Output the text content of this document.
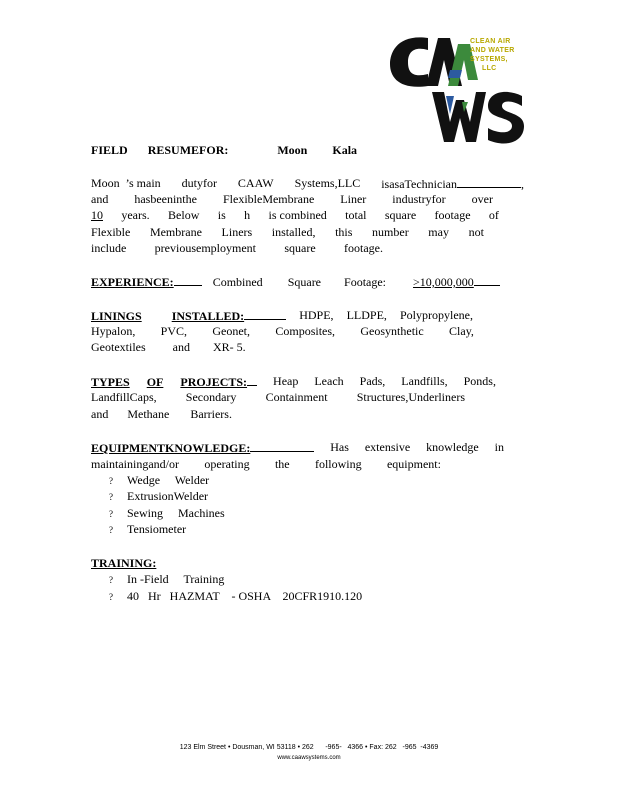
CLEAN AIR
AND WATER
SYSTEMS,
LLC
FIELD RESUMEFOR:	Moon Kala
Moon ’s main dutyfor CAAW Systems,LLC isasaTechnician	,
and hasbeeninthe FlexibleMembrane Liner industryfor over
10 years. Below is h is combined total square footage of
Flexible Membrane Liners installed, this number may not
include previousemployment square footage.
EXPERIENCE:	Combined Square Footage: >10,000,000
LININGS	INSTALLED:	HDPE, LLDPE, Polypropylene,
Hypalon, PVC, Geonet, Composites, Geosynthetic Clay,
Geotextiles and XR- 5.
TYPES OF PROJECTS:	Heap Leach Pads, Landfills, Ponds,
LandfillCaps, Secondary Containment Structures,Underliners
and Methane Barriers.
EQUIPMENTKNOWLEDGE:	Has extensive knowledge in
maintainingand/or operating the following equipment:
? Wedge     Welder
? ExtrusionWelder
? Sewing     Machines
? Tensiometer
TRAINING:
? In -Field     Training
? 40   Hr   HAZMAT    - OSHA    20CFR1910.120
123 Elm Street • Dousman, WI 53118 • 262      -965-   4366 • Fax: 262   -965  -4369
www.caawsystems.com
